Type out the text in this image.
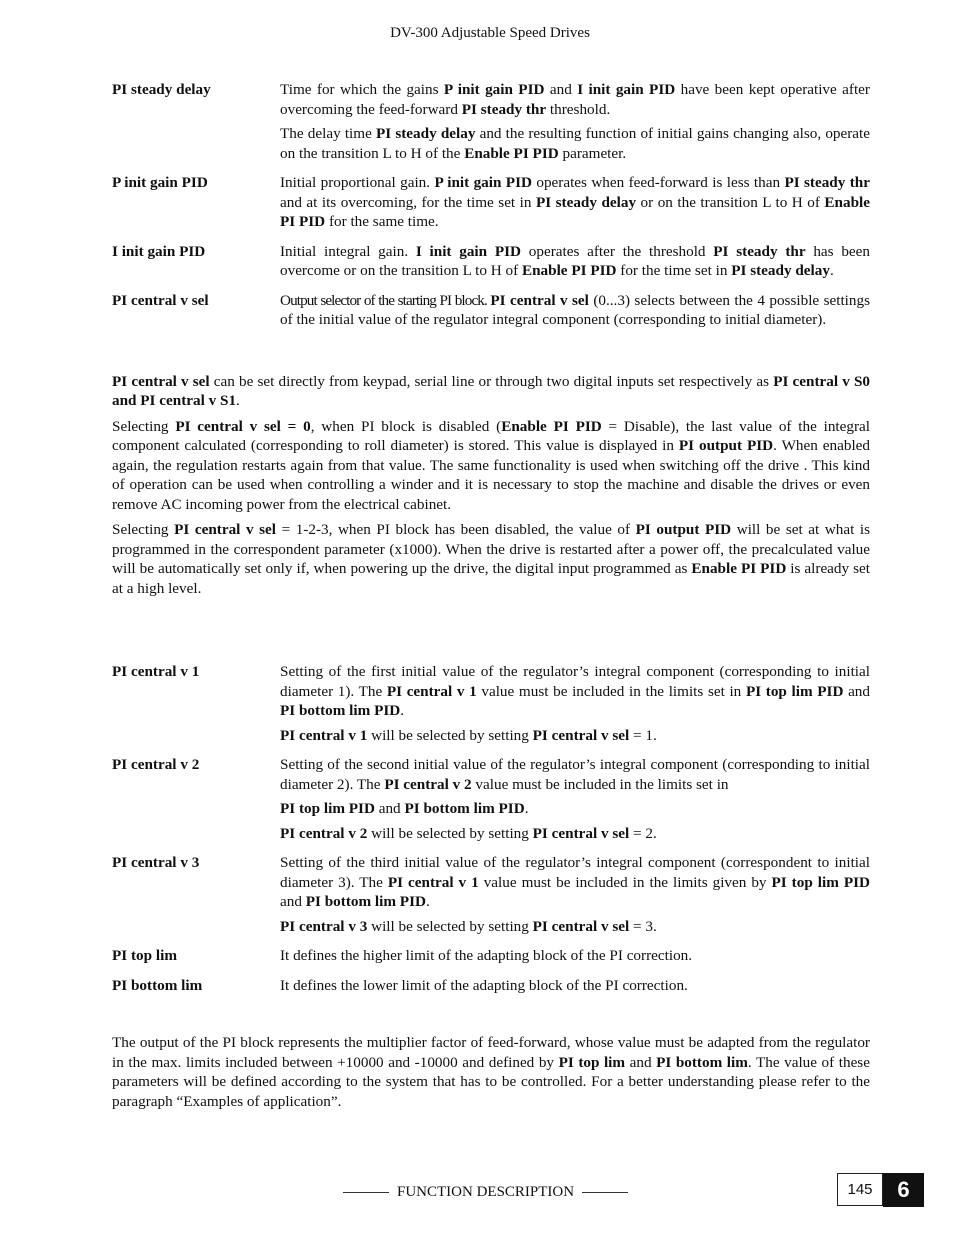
DV-300 Adjustable Speed Drives
PI steady delay	Time for which the gains P init gain PID and I init gain PID have been kept operative after overcoming the feed-forward PI steady thr threshold.

The delay time PI steady delay and the resulting function of initial gains changing also, operate on the transition L to H of the Enable PI PID parameter.

P init gain PID	Initial proportional gain. P init gain PID operates when feed-forward is less than PI steady thr and at its overcoming, for the time set in PI steady delay or on the transition L to H of Enable PI PID for the same time.

I init gain PID	Initial integral gain. I init gain PID operates after the threshold PI steady thr has been overcome or on the transition L to H of Enable PI PID for the time set in PI steady delay.

PI central v sel	Output selector of the starting PI block. PI central v sel (0...3) selects between the 4 possible settings of the initial value of the regulator integral component (corresponding to initial diameter).

PI central v sel can be set directly from keypad, serial line or through two digital inputs set respectively as PI central v S0 and PI central v S1.

Selecting PI central v sel = 0, when PI block is disabled (Enable PI PID = Disable), the last value of the integral component calculated (corresponding to roll diameter) is stored. This value is displayed in PI output PID. When enabled again, the regulation restarts again from that value. The same functionality is used when switching off the drive . This kind of operation can be used when controlling a winder and it is necessary to stop the machine and disable the drives or even remove AC incoming power from the electrical cabinet.

Selecting PI central v sel = 1-2-3, when PI block has been disabled, the value of PI output PID will be set at what is programmed in the correspondent parameter (x1000). When the drive is restarted after a power off, the precalculated value will be automatically set only if, when powering up the drive, the digital input programmed as Enable PI PID is already set at a high level.

PI central v 1	Setting of the first initial value of the regulator’s integral component (corresponding to initial diameter 1). The PI central v 1 value must be included in the limits set in PI top lim PID and PI bottom lim PID.

PI central v 1 will be selected by setting PI central v sel = 1.

PI central v 2	Setting of the second initial value of the regulator’s integral component (corresponding to initial diameter 2). The PI central v 2 value must be included in the limits set in

PI top lim PID and PI bottom lim PID.

PI central v 2 will be selected by setting PI central v sel = 2.

PI central v 3	Setting of the third initial value of the regulator’s integral component (correspondent to initial diameter 3). The PI central v 1 value must be included in the limits given by PI top lim PID and PI bottom lim PID.

PI central v 3 will be selected by setting PI central v sel = 3.

PI top lim	It defines the higher limit of the adapting block of the PI correction.

PI bottom lim	It defines the lower limit of the adapting block of the PI correction.

The output of the PI block represents the multiplier factor of feed-forward, whose value must be adapted from the regulator in the max. limits included between +10000 and -10000 and defined by PI top lim and PI bottom lim. The value of these parameters will be defined according to the system that has to be controlled. For a better understanding please refer to the paragraph “Examples of application”.

FUNCTION DESCRIPTION	145	6
